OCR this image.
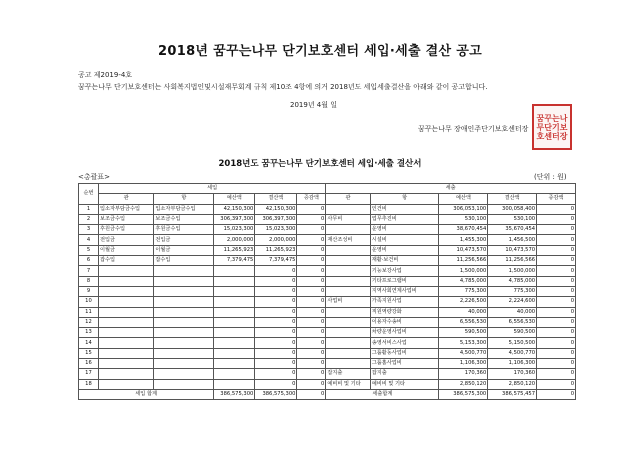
2018년 꿈꾸는나무 단기보호센터 세입·세출 결산 공고
공고 제2019-4호
꿈꾸는나무 단기보호센터는 사회복지법인및시설재무회계 규칙 제10조 4항에 의거 2018년도 세입세출결산을 아래와 같이 공고합니다.
2019년 4월 일
꿈꾸는나무 장애인주단기보호센터장
꿈꾸는나무단기보호센터장
2018년도 꿈꾸는나무 단기보호센터 세입·세출 결산서
<총괄표>	(단위 : 원)
순번	세입					세출				
	관	항	예산액	결산액	증감액	관	항	예산액	결산액	증감액
1	입소자부담금수입	입소자부담금수입	42,150,300	42,150,300	0		인건비	306,053,100	300,058,400	0
2	보조금수입	보조금수입	306,397,300	306,397,300	0	사무비	업무추진비	530,100	530,100	0
3	후원금수입	후원금수입	15,023,300	15,023,300	0		운영비	38,670,454	35,670,454	0
4	전입금	전입금	2,000,000	2,000,000	0	재산조성비	시설비	1,455,300	1,456,500	0
5	이월금	이월금	11,265,923	11,265,923	0		운영비	10,473,570	10,473,570	0
6	잡수입	잡수입	7,379,475	7,379,475	0		재활·보건비	11,256,566	11,256,566	0
7				0	0		기능보강사업	1,500,000	1,500,000	0
8				0	0		기타프로그램비	4,785,000	4,785,000	0
9				0	0		지역사회연계사업비	775,300	775,300	0
10				0	0	사업비	가족지원사업	2,226,500	2,224,600	0
11				0	0		직원역량강화	40,000	40,000	0
12				0	0		이용자수송비	6,556,530	6,556,530	0
13				0	0		차량운영사업비	590,500	590,500	0
14				0	0		송영서비스사업	5,153,300	5,150,500	0
15				0	0		그룹활동사업비	4,500,770	4,500,770	0
16				0	0		그룹홈사업비	1,106,300	1,106,300	0
17				0	0	잡지출	잡지출	170,360	170,360	0
18				0	0	예비비 및 기타	예비비 및 기타	2,850,120	2,850,120	0
세입 합계			386,575,300	386,575,300	0	세출합계		386,575,300	386,575,457	0
